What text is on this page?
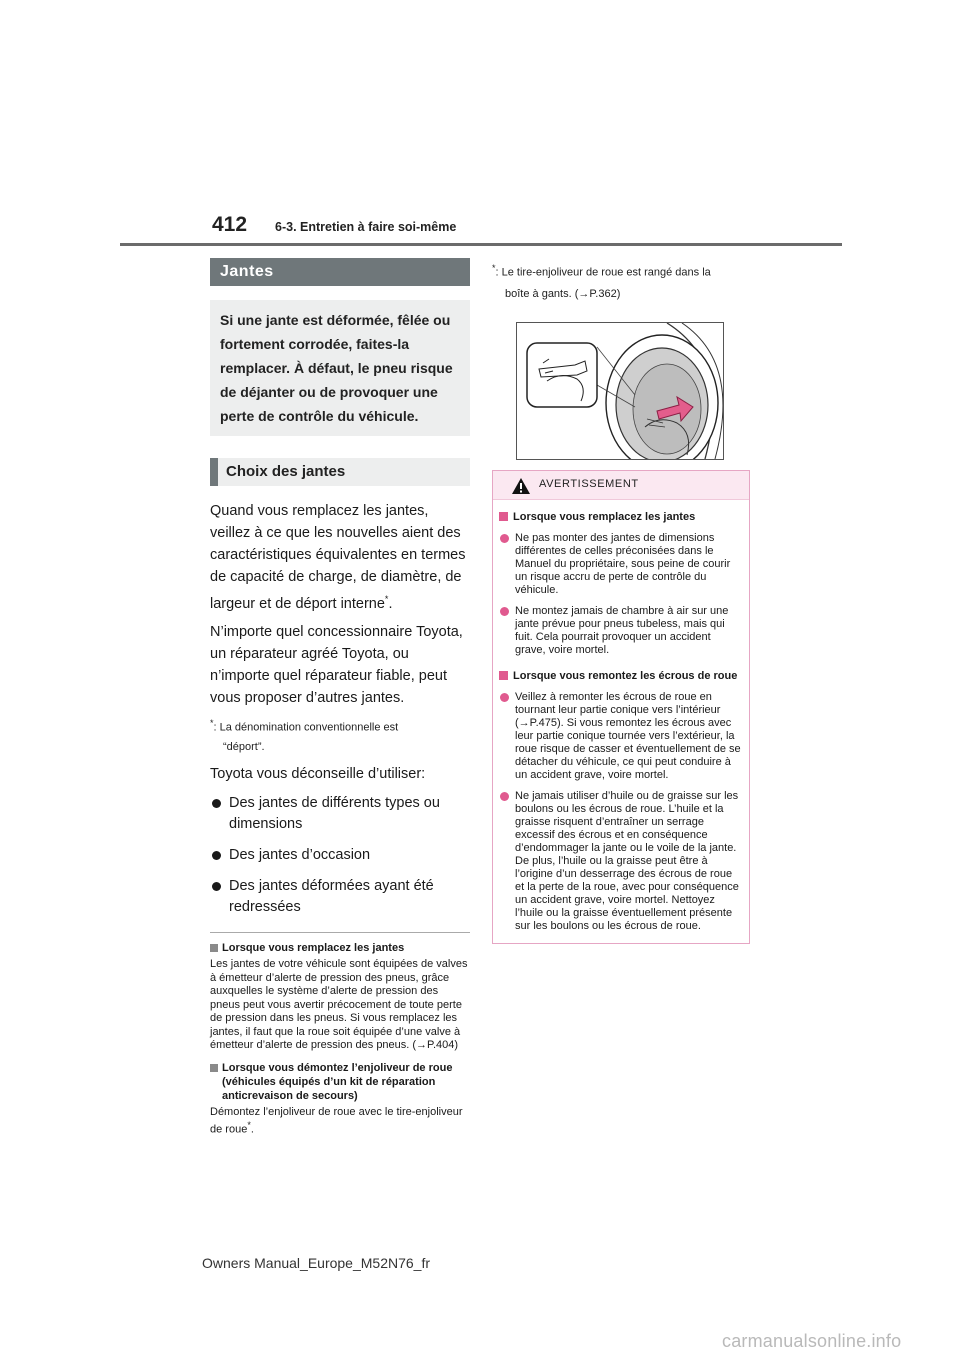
412 6-3. Entretien à faire soi-même
Jantes
Si une jante est déformée, fêlée ou fortement corrodée, faites-la remplacer. À défaut, le pneu risque de déjanter ou de provoquer une perte de contrôle du véhicule.
Choix des jantes
Quand vous remplacez les jantes, veillez à ce que les nouvelles aient des caractéristiques équivalentes en termes de capacité de charge, de diamètre, de largeur et de déport interne*.
N’importe quel concessionnaire Toyota, un réparateur agréé Toyota, ou n’importe quel réparateur fiable, peut vous proposer d’autres jantes.
*: La dénomination conventionnelle est
“déport”.
Toyota vous déconseille d’utiliser:
Des jantes de différents types ou dimensions
Des jantes d’occasion
Des jantes déformées ayant été redressées
Lorsque vous remplacez les jantes
Les jantes de votre véhicule sont équipées de valves à émetteur d’alerte de pression des pneus, grâce auxquelles le système d’alerte de pression des pneus peut vous avertir précocement de toute perte de pression dans les pneus. Si vous remplacez les jantes, il faut que la roue soit équipée d’une valve à émetteur d’alerte de pression des pneus. (→P.404)
Lorsque vous démontez l’enjoliveur de roue (véhicules équipés d’un kit de réparation anticrevaison de secours)
Démontez l’enjoliveur de roue avec le tire-enjoliveur de roue*.
*: Le tire-enjoliveur de roue est rangé dans la
boîte à gants. (→P.362)
AVERTISSEMENT
Lorsque vous remplacez les jantes
Ne pas monter des jantes de dimensions différentes de celles préconisées dans le Manuel du propriétaire, sous peine de courir un risque accru de perte de contrôle du véhicule.
Ne montez jamais de chambre à air sur une jante prévue pour pneus tubeless, mais qui fuit. Cela pourrait provoquer un accident grave, voire mortel.
Lorsque vous remontez les écrous de roue
Veillez à remonter les écrous de roue en tournant leur partie conique vers l’intérieur (→P.475). Si vous remontez les écrous avec leur partie conique tournée vers l’extérieur, la roue risque de casser et éventuellement de se détacher du véhicule, ce qui peut conduire à un accident grave, voire mortel.
Ne jamais utiliser d’huile ou de graisse sur les boulons ou les écrous de roue. L’huile et la graisse risquent d’entraîner un serrage excessif des écrous et en conséquence d’endommager la jante ou le voile de la jante. De plus, l’huile ou la graisse peut être à l’origine d’un desserrage des écrous de roue et la perte de la roue, avec pour conséquence un accident grave, voire mortel. Nettoyez l’huile ou la graisse éventuellement présente sur les boulons ou les écrous de roue.
Owners Manual_Europe_M52N76_fr
carmanualsonline.info
